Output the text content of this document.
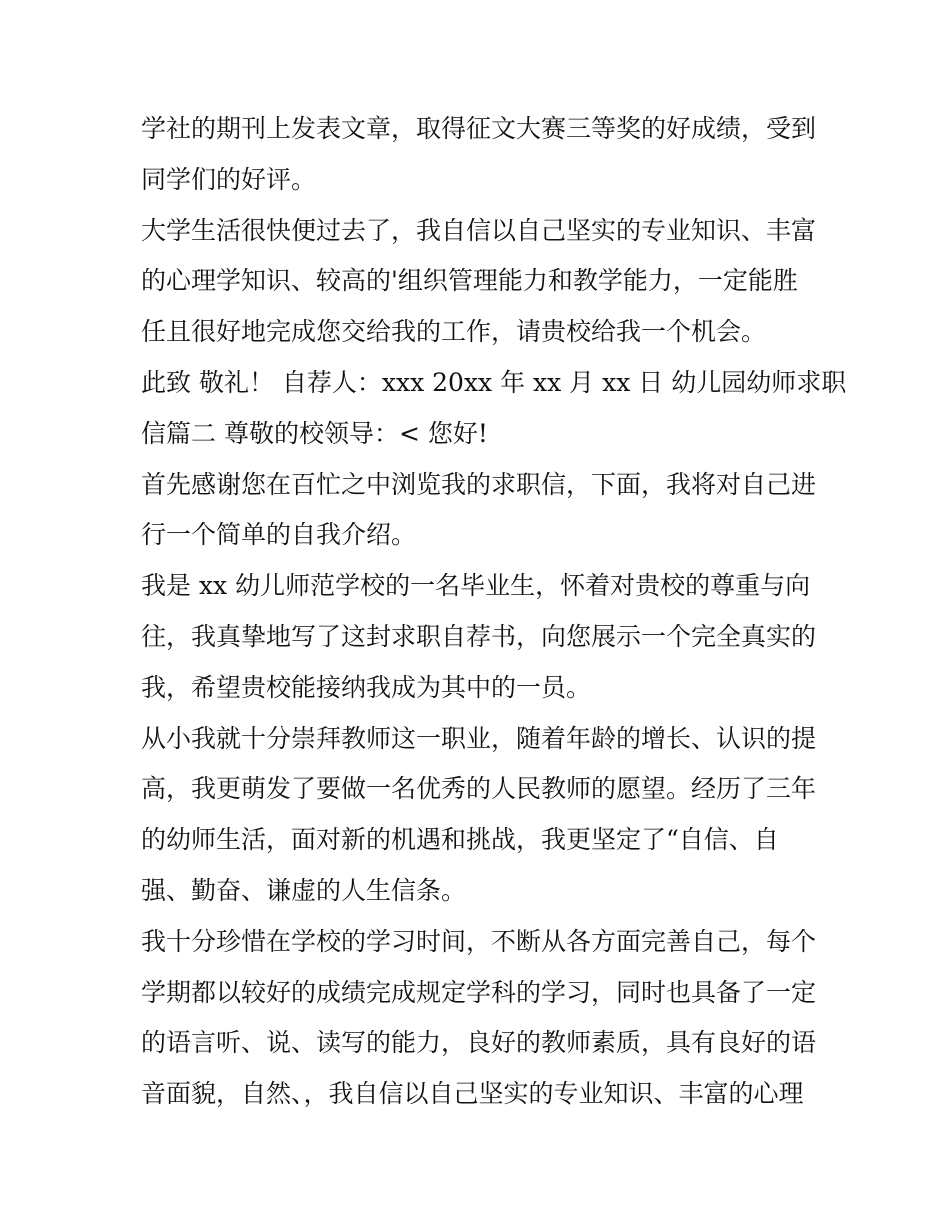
学社的期刊上发表文章，取得征文大赛三等奖的好成绩，受到
同学们的好评。
大学生活很快便过去了，我自信以自己坚实的专业知识、丰富
的心理学知识、较高的'组织管理能力和教学能力，一定能胜
任且很好地完成您交给我的工作，请贵校给我一个机会。
此致 敬礼！ 自荐人：xxx 20xx 年 xx 月 xx 日 幼儿园幼师求职
信篇二 尊敬的校领导：< 您好!
首先感谢您在百忙之中浏览我的求职信，下面，我将对自己进
行一个简单的自我介绍。
我是 xx 幼儿师范学校的一名毕业生，怀着对贵校的尊重与向
往，我真挚地写了这封求职自荐书，向您展示一个完全真实的
我，希望贵校能接纳我成为其中的一员。
从小我就十分崇拜教师这一职业，随着年龄的增长、认识的提
高，我更萌发了要做一名优秀的人民教师的愿望。经历了三年
的幼师生活，面对新的机遇和挑战，我更坚定了“自信、自
强、勤奋、谦虚的人生信条。
我十分珍惜在学校的学习时间，不断从各方面完善自己，每个
学期都以较好的成绩完成规定学科的学习，同时也具备了一定
的语言听、说、读写的能力，良好的教师素质，具有良好的语
音面貌，自然、，我自信以自己坚实的专业知识、丰富的心理
